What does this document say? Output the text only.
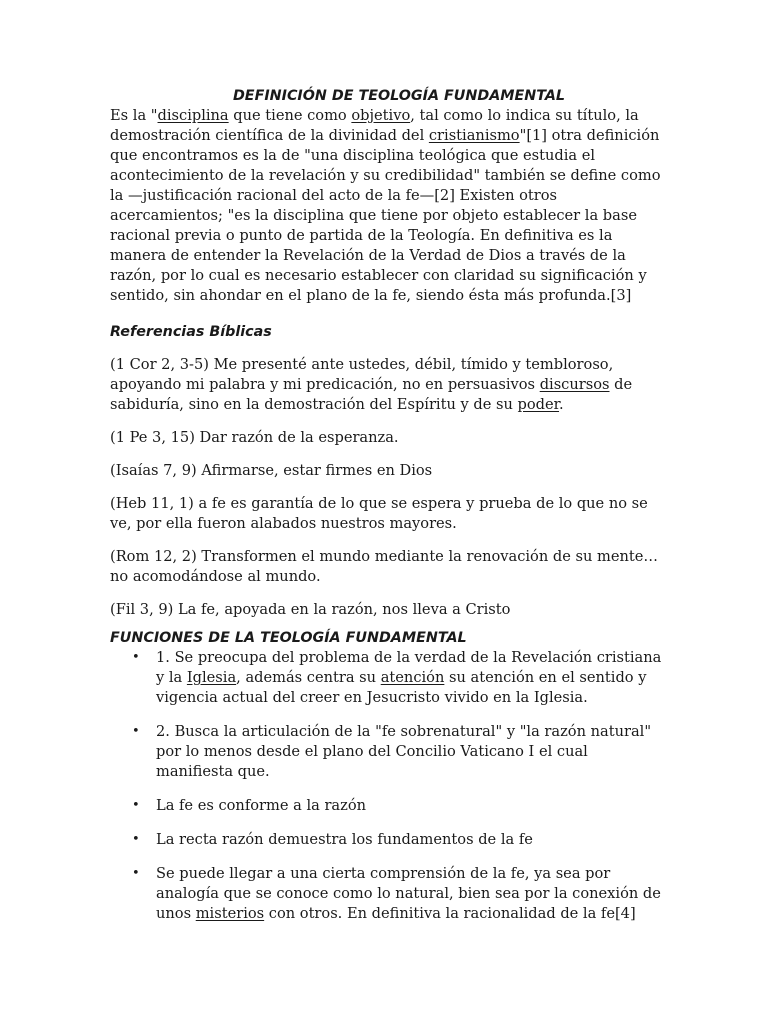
DEFINICIÓN DE TEOLOGÍA FUNDAMENTAL

Es la "disciplina que tiene como objetivo, tal como lo indica su título, la demostración científica de la divinidad del cristianismo"[1] otra definición que encontramos es la de "una disciplina teológica que estudia el acontecimiento de la revelación y su credibilidad" también se define como la —justificación racional del acto de la fe—[2] Existen otros acercamientos; "es la disciplina que tiene por objeto establecer la base racional previa o punto de partida de la Teología. En definitiva es la manera de entender la Revelación de la Verdad de Dios a través de la razón, por lo cual es necesario establecer con claridad su significación y sentido, sin ahondar en el plano de la fe, siendo ésta más profunda.[3]

Referencias Bíblicas

(1 Cor 2, 3-5) Me presenté ante ustedes, débil, tímido y tembloroso, apoyando mi palabra y mi predicación, no en persuasivos discursos de sabiduría, sino en la demostración del Espíritu y de su poder.

(1 Pe 3, 15) Dar razón de la esperanza.

(Isaías 7, 9) Afirmarse, estar firmes en Dios

(Heb 11, 1) a fe es garantía de lo que se espera y prueba de lo que no se ve, por ella fueron alabados nuestros mayores.

(Rom 12, 2) Transformen el mundo mediante la renovación de su mente… no acomodándose al mundo.

(Fil 3, 9) La fe, apoyada en la razón, nos lleva a Cristo

FUNCIONES DE LA TEOLOGÍA FUNDAMENTAL

• 1. Se preocupa del problema de la verdad de la Revelación cristiana y la Iglesia, además centra su atención su atención en el sentido y vigencia actual del creer en Jesucristo vivido en la Iglesia.
• 2. Busca la articulación de la "fe sobrenatural" y "la razón natural" por lo menos desde el plano del Concilio Vaticano I el cual manifiesta que.
• La fe es conforme a la razón
• La recta razón demuestra los fundamentos de la fe
• Se puede llegar a una cierta comprensión de la fe, ya sea por analogía que se conoce como lo natural, bien sea por la conexión de unos misterios con otros. En definitiva la racionalidad de la fe[4]
